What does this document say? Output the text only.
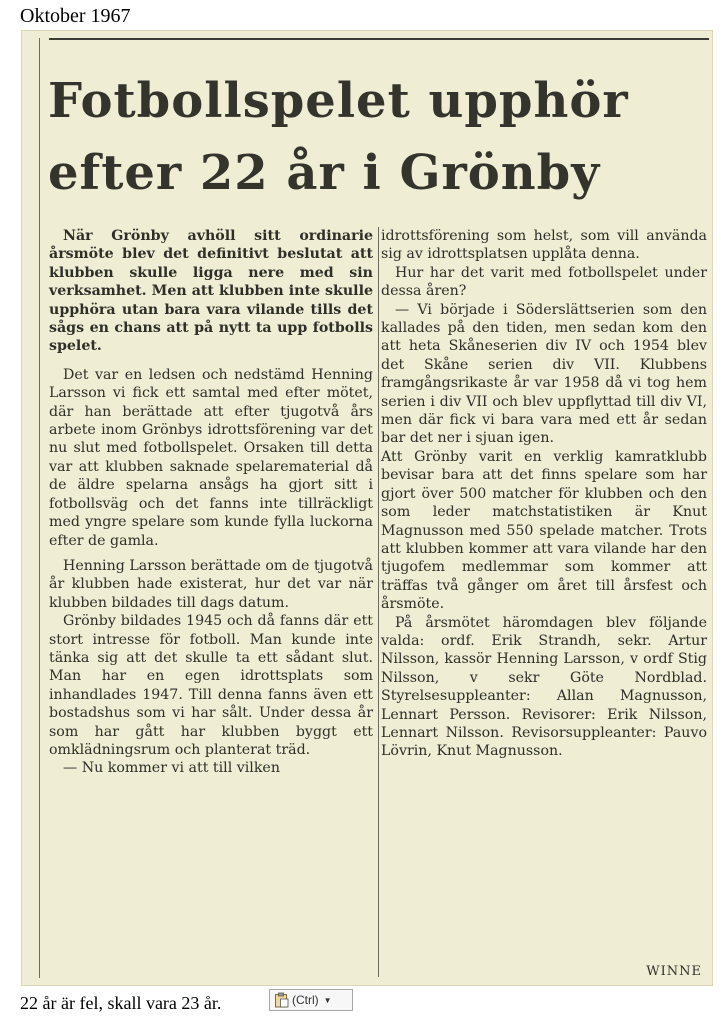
Oktober 1967
Fotbollspelet upphör
efter 22 år i Grönby

När Grönby avhöll sitt ordinarie årsmöte blev det definitivt beslutat att klubben skulle ligga nere med sin verksamhet. Men att klubben inte skulle upphöra utan bara vara vilande tills det sågs en chans att på nytt ta upp fotbolls spelet.

Det var en ledsen och nedstämd Henning Larsson vi fick ett samtal med efter mötet, där han berättade att efter tjugotvå års arbete inom Grönbys idrottsförening var det nu slut med fotbollspelet. Orsaken till detta var att klubben saknade spelarematerial då de äldre spelarna ansågs ha gjort sitt i fotbollsväg och det fanns inte tillräckligt med yngre spelare som kunde fylla luckorna efter de gamla.

Henning Larsson berättade om de tjugotvå år klubben hade existerat, hur det var när klubben bildades till dags datum.

Grönby bildades 1945 och då fanns där ett stort intresse för fotboll. Man kunde inte tänka sig att det skulle ta ett sådant slut. Man har en egen idrottsplats som inhandlades 1947. Till denna fanns även ett bostadshus som vi har sålt. Under dessa år som har gått har klubben byggt ett omklädningsrum och planterat träd.

— Nu kommer vi att till vilken

idrottsförening som helst, som vill använda sig av idrottsplatsen upplåta denna.

Hur har det varit med fotbollspelet under dessa åren?

— Vi började i Söderslättserien som den kallades på den tiden, men sedan kom den att heta Skåneserien div IV och 1954 blev det Skåne serien div VII. Klubbens framgångsrikaste år var 1958 då vi tog hem serien i div VII och blev uppflyttad till div VI, men där fick vi bara vara med ett år sedan bar det ner i sjuan igen.

Att Grönby varit en verklig kamratklubb bevisar bara att det finns spelare som har gjort över 500 matcher för klubben och den som leder matchstatistiken är Knut Magnusson med 550 spelade matcher. Trots att klubben kommer att vara vilande har den tjugofem medlemmar som kommer att träffas två gånger om året till årsfest och årsmöte.

På årsmötet häromdagen blev följande valda: ordf. Erik Strandh, sekr. Artur Nilsson, kassör Henning Larsson, v ordf Stig Nilsson, v sekr Göte Nordblad. Styrelsesuppleanter: Allan Magnusson, Lennart Persson. Revisorer: Erik Nilsson, Lennart Nilsson. Revisorsuppleanter: Pauvo Lövrin, Knut Magnusson.

WINNE
22 år är fel, skall vara 23 år.	(Ctrl) ▼
